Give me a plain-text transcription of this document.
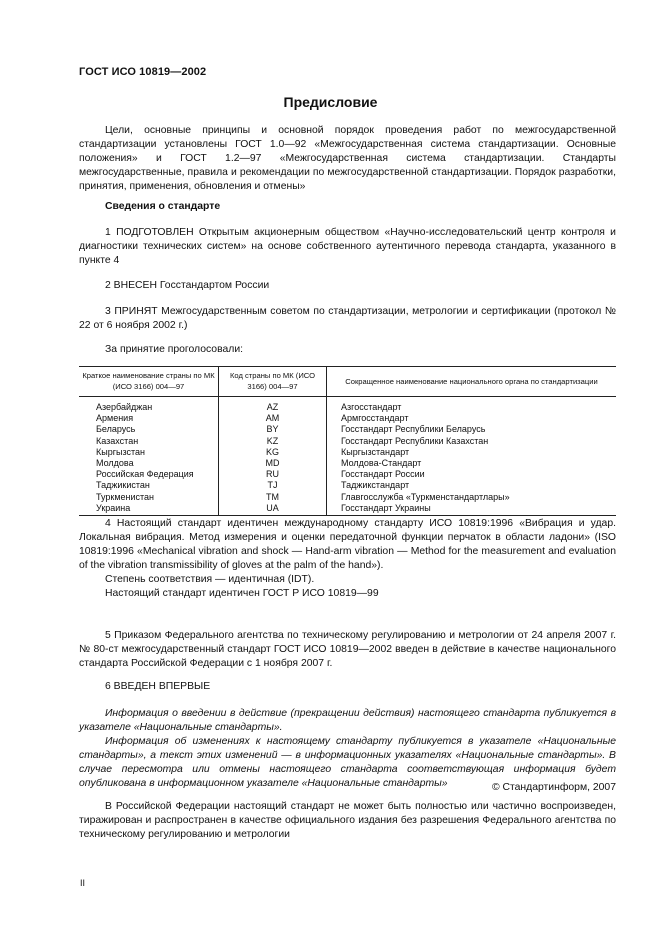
ГОСТ ИСО 10819—2002
Предисловие

Цели, основные принципы и основной порядок проведения работ по межгосударственной стандартизации установлены ГОСТ 1.0—92 «Межгосударственная система стандартизации. Основные положения» и ГОСТ 1.2—97 «Межгосударственная система стандартизации. Стандарты межгосударственные, правила и рекомендации по межгосударственной стандартизации. Порядок разработки, принятия, применения, обновления и отмены»

Сведения о стандарте

1 ПОДГОТОВЛЕН Открытым акционерным обществом «Научно-исследовательский центр контроля и диагностики технических систем» на основе собственного аутентичного перевода стандарта, указанного в пункте 4

2 ВНЕСЕН Госстандартом России

3 ПРИНЯТ Межгосударственным советом по стандартизации, метрологии и сертификации (протокол № 22 от 6 ноября 2002 г.)

За принятие проголосовали:

Краткое наименование страны по МК (ИСО 3166) 004—97	Код страны по МК (ИСО 3166) 004—97	Сокращенное наименование национального органа по стандартизации
Азербайджан	AZ	Азгосстандарт
Армения	AM	Армгосстандарт
Беларусь	BY	Госстандарт Республики Беларусь
Казахстан	KZ	Госстандарт Республики Казахстан
Кыргызстан	KG	Кыргызстандарт
Молдова	MD	Молдова-Стандарт
Российская Федерация	RU	Госстандарт России
Таджикистан	TJ	Таджикстандарт
Туркменистан	TM	Главгосслужба «Туркменстандартлары»
Украина	UA	Госстандарт Украины

4 Настоящий стандарт идентичен международному стандарту ИСО 10819:1996 «Вибрация и удар. Локальная вибрация. Метод измерения и оценки передаточной функции перчаток в области ладони» (ISO 10819:1996 «Mechanical vibration and shock — Hand-arm vibration — Method for the measurement and evaluation of the vibration transmissibility of gloves at the palm of the hand»).

Степень соответствия — идентичная (IDT).

Настоящий стандарт идентичен ГОСТ Р ИСО 10819—99

5 Приказом Федерального агентства по техническому регулированию и метрологии от 24 апреля 2007 г. № 80-ст межгосударственный стандарт ГОСТ ИСО 10819—2002 введен в действие в качестве национального стандарта Российской Федерации с 1 ноября 2007 г.

6 ВВЕДЕН ВПЕРВЫЕ

Информация о введении в действие (прекращении действия) настоящего стандарта публикуется в указателе «Национальные стандарты».

Информация об изменениях к настоящему стандарту публикуется в указателе «Национальные стандарты», а текст этих изменений — в информационных указателях «Национальные стандарты». В случае пересмотра или отмены настоящего стандарта соответствующая информация будет опубликована в информационном указателе «Национальные стандарты»	© Стандартинформ, 2007

В Российской Федерации настоящий стандарт не может быть полностью или частично воспроизведен, тиражирован и распространен в качестве официального издания без разрешения Федерального агентства по техническому регулированию и метрологии

II
